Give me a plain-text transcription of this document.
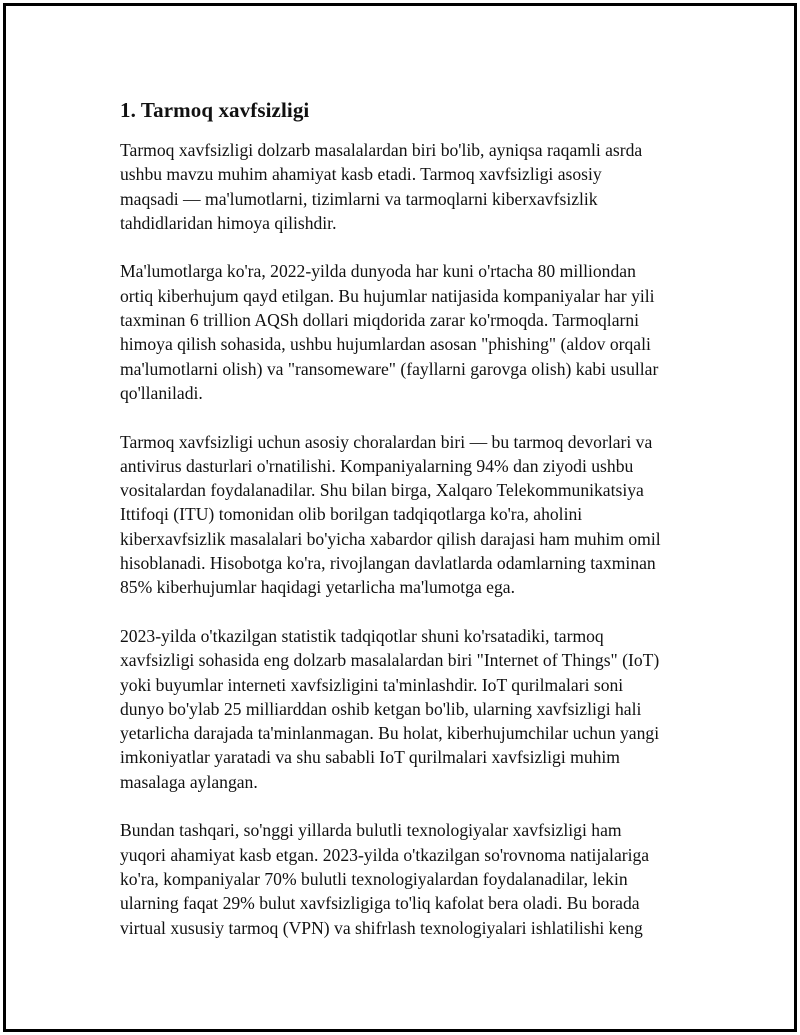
1. Tarmoq xavfsizligi
Tarmoq xavfsizligi dolzarb masalalardan biri bo'lib, ayniqsa raqamli asrda
ushbu mavzu muhim ahamiyat kasb etadi. Tarmoq xavfsizligi asosiy
maqsadi — ma'lumotlarni, tizimlarni va tarmoqlarni kiberxavfsizlik
tahdidlaridan himoya qilishdir.
Ma'lumotlarga ko'ra, 2022-yilda dunyoda har kuni o'rtacha 80 milliondan
ortiq kiberhujum qayd etilgan. Bu hujumlar natijasida kompaniyalar har yili
taxminan 6 trillion AQSh dollari miqdorida zarar ko'rmoqda. Tarmoqlarni
himoya qilish sohasida, ushbu hujumlardan asosan "phishing" (aldov orqali
ma'lumotlarni olish) va "ransomeware" (fayllarni garovga olish) kabi usullar
qo'llaniladi.
Tarmoq xavfsizligi uchun asosiy choralardan biri — bu tarmoq devorlari va
antivirus dasturlari o'rnatilishi. Kompaniyalarning 94% dan ziyodi ushbu
vositalardan foydalanadilar. Shu bilan birga, Xalqaro Telekommunikatsiya
Ittifoqi (ITU) tomonidan olib borilgan tadqiqotlarga ko'ra, aholini
kiberxavfsizlik masalalari bo'yicha xabardor qilish darajasi ham muhim omil
hisoblanadi. Hisobotga ko'ra, rivojlangan davlatlarda odamlarning taxminan
85% kiberhujumlar haqidagi yetarlicha ma'lumotga ega.
2023-yilda o'tkazilgan statistik tadqiqotlar shuni ko'rsatadiki, tarmoq
xavfsizligi sohasida eng dolzarb masalalardan biri "Internet of Things" (IoT)
yoki buyumlar interneti xavfsizligini ta'minlashdir. IoT qurilmalari soni
dunyo bo'ylab 25 milliarddan oshib ketgan bo'lib, ularning xavfsizligi hali
yetarlicha darajada ta'minlanmagan. Bu holat, kiberhujumchilar uchun yangi
imkoniyatlar yaratadi va shu sababli IoT qurilmalari xavfsizligi muhim
masalaga aylangan.
Bundan tashqari, so'nggi yillarda bulutli texnologiyalar xavfsizligi ham
yuqori ahamiyat kasb etgan. 2023-yilda o'tkazilgan so'rovnoma natijalariga
ko'ra, kompaniyalar 70% bulutli texnologiyalardan foydalanadilar, lekin
ularning faqat 29% bulut xavfsizligiga to'liq kafolat bera oladi. Bu borada
virtual xususiy tarmoq (VPN) va shifrlash texnologiyalari ishlatilishi keng
